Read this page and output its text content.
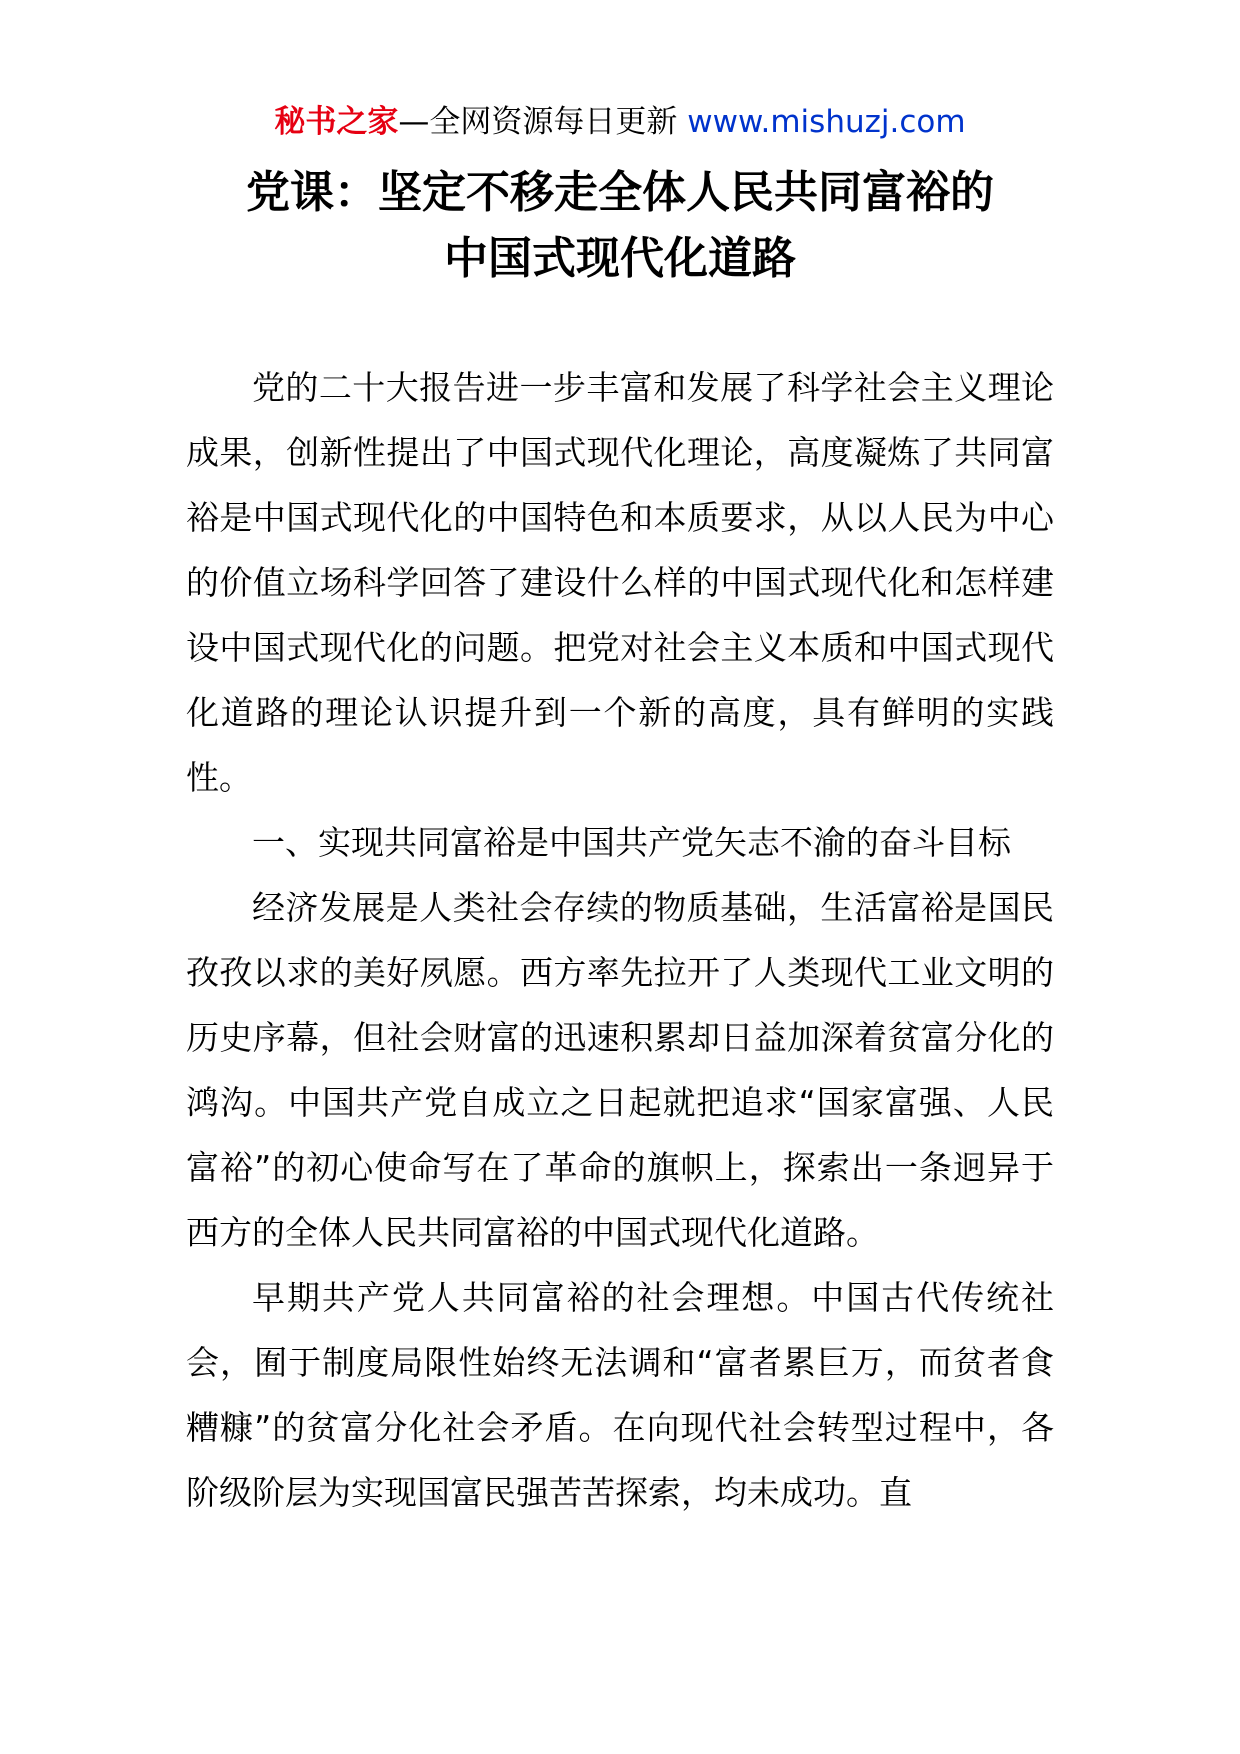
秘书之家—全网资源每日更新 www.mishuzj.com
党课：坚定不移走全体人民共同富裕的
中国式现代化道路

党的二十大报告进一步丰富和发展了科学社会主义理论成果，创新性提出了中国式现代化理论，高度凝炼了共同富裕是中国式现代化的中国特色和本质要求，从以人民为中心的价值立场科学回答了建设什么样的中国式现代化和怎样建设中国式现代化的问题。把党对社会主义本质和中国式现代化道路的理论认识提升到一个新的高度，具有鲜明的实践性。

一、实现共同富裕是中国共产党矢志不渝的奋斗目标

经济发展是人类社会存续的物质基础，生活富裕是国民孜孜以求的美好夙愿。西方率先拉开了人类现代工业文明的历史序幕，但社会财富的迅速积累却日益加深着贫富分化的鸿沟。中国共产党自成立之日起就把追求“国家富强、人民富裕”的初心使命写在了革命的旗帜上，探索出一条迥异于西方的全体人民共同富裕的中国式现代化道路。

早期共产党人共同富裕的社会理想。中国古代传统社会，囿于制度局限性始终无法调和“富者累巨万，而贫者食糟糠”的贫富分化社会矛盾。在向现代社会转型过程中，各阶级阶层为实现国富民强苦苦探索，均未成功。直
